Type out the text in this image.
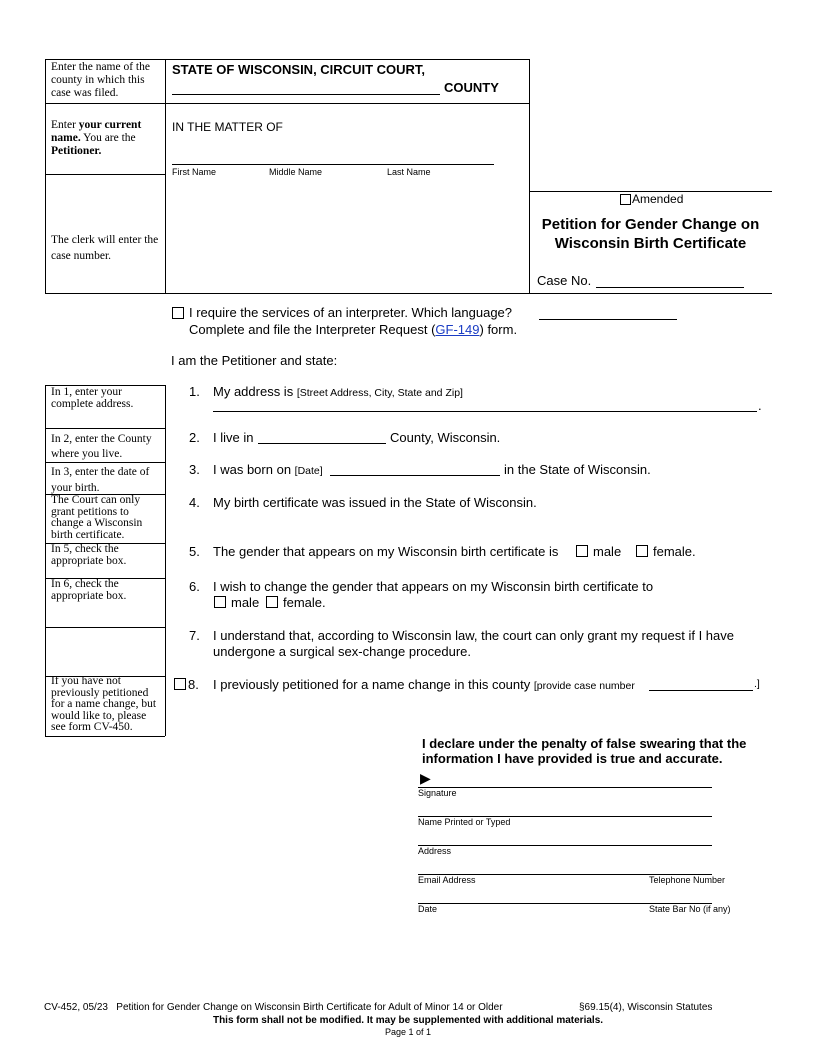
Enter the name of the county in which this case was filed.
STATE OF WISCONSIN, CIRCUIT COURT,
COUNTY
Enter your current name. You are the Petitioner.
IN THE MATTER OF
First Name	Middle Name	Last Name
The clerk will enter the case number.
Amended
Petition for Gender Change on
Wisconsin Birth Certificate
Case No.
I require the services of an interpreter. Which language?
Complete and file the Interpreter Request (GF-149) form.
I am the Petitioner and state:
In 1, enter your complete address.
In 2, enter the County where you live.
In 3, enter the date of your birth.
The Court can only grant petitions to change a Wisconsin birth certificate.
In 5, check the appropriate box.
In 6, check the appropriate box.
If you have not previously petitioned for a name change, but would like to, please see form CV-450.
1. My address is [Street Address, City, State and Zip]
.
2. I live in	County, Wisconsin.
3. I was born on [Date]	in the State of Wisconsin.
4. My birth certificate was issued in the State of Wisconsin.
5. The gender that appears on my Wisconsin birth certificate is	male female.
6. I wish to change the gender that appears on my Wisconsin birth certificate to
male female.
7. I understand that, according to Wisconsin law, the court can only grant my request if I have
undergone a surgical sex-change procedure.
8. I previously petitioned for a name change in this county [provide case number	.]
I declare under the penalty of false swearing that the
information I have provided is true and accurate.
▶
Signature
Name Printed or Typed
Address
Email Address	Telephone Number
Date	State Bar No (if any)
CV-452, 05/23   Petition for Gender Change on Wisconsin Birth Certificate for Adult of Minor 14 or Older	§69.15(4), Wisconsin Statutes
This form shall not be modified. It may be supplemented with additional materials.
Page 1 of 1
